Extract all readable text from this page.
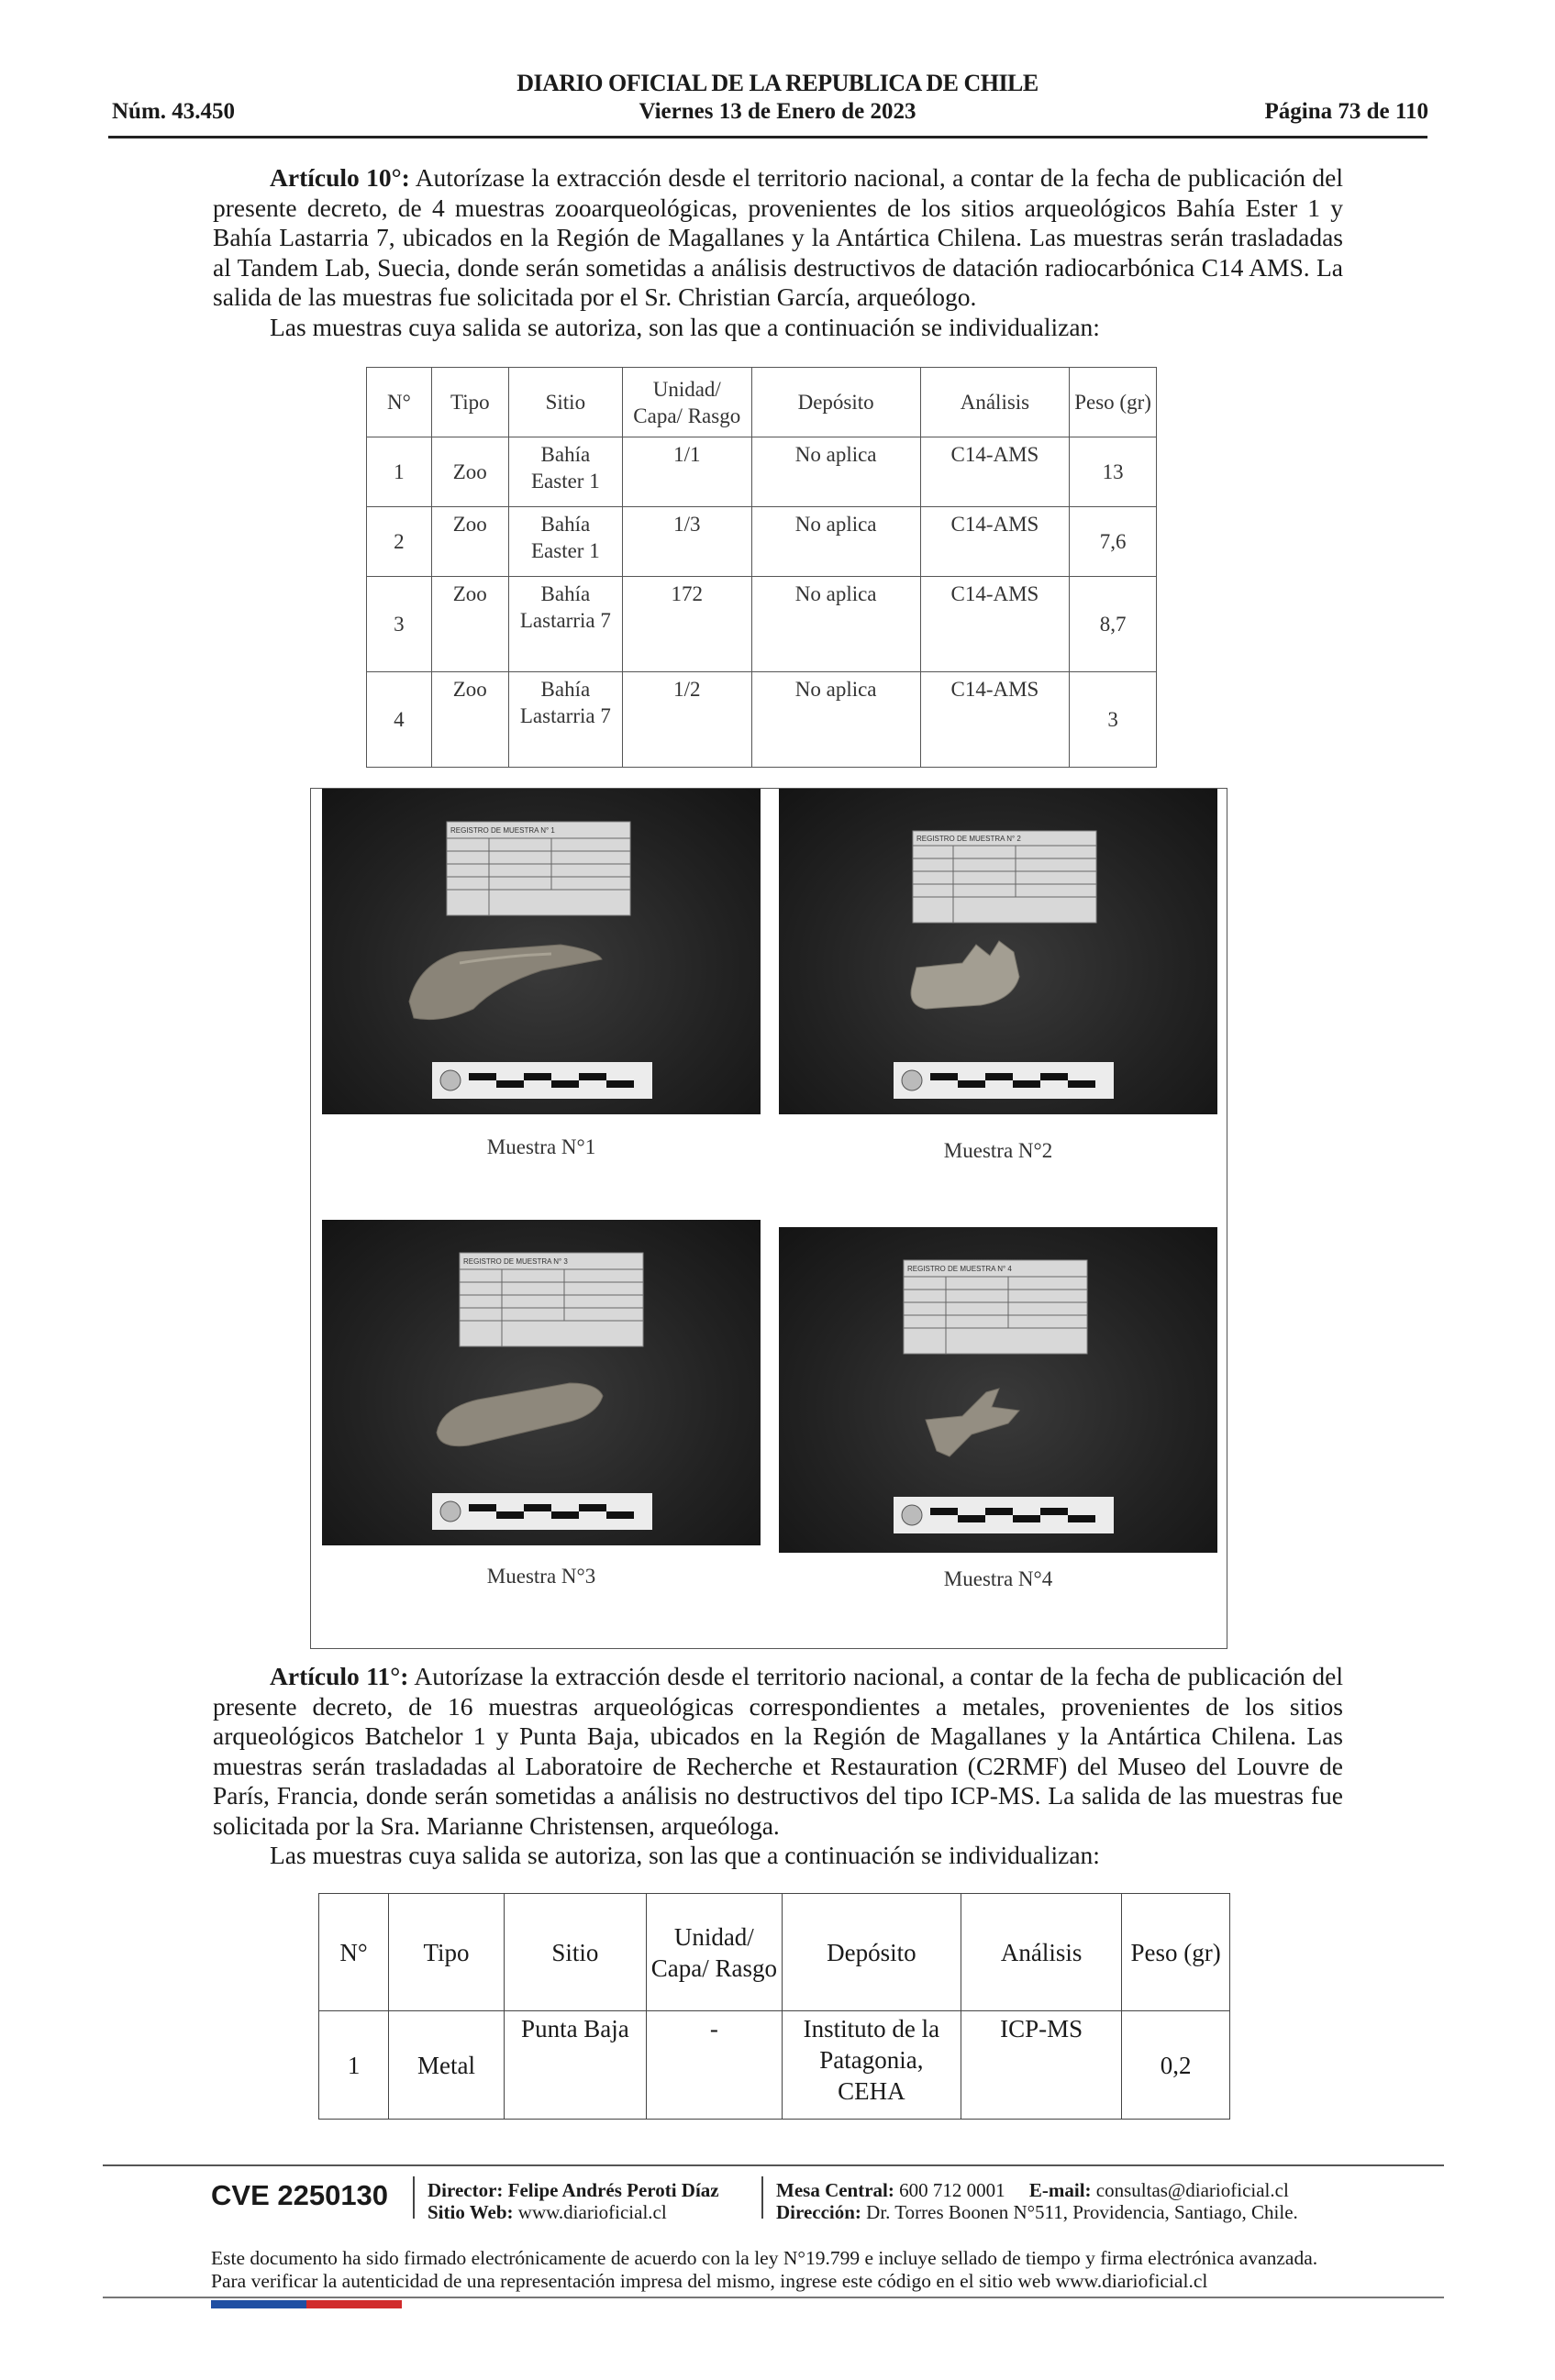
DIARIO OFICIAL DE LA REPUBLICA DE CHILE
Núm. 43.450	Viernes 13 de Enero de 2023	Página 73 de 110

Artículo 10°: Autorízase la extracción desde el territorio nacional, a contar de la fecha de publicación del presente decreto, de 4 muestras zooarqueológicas, provenientes de los sitios arqueológicos Bahía Ester 1 y Bahía Lastarria 7, ubicados en la Región de Magallanes y la Antártica Chilena. Las muestras serán trasladadas al Tandem Lab, Suecia, donde serán sometidas a análisis destructivos de datación radiocarbónica C14 AMS. La salida de las muestras fue solicitada por el Sr. Christian García, arqueólogo.

Las muestras cuya salida se autoriza, son las que a continuación se individualizan:

N°	Tipo	Sitio	Unidad/ Capa/ Rasgo	Depósito	Análisis	Peso (gr)
1	Zoo	Bahía Easter 1	1/1	No aplica	C14-AMS	13
2	Zoo	Bahía Easter 1	1/3	No aplica	C14-AMS	7,6
3	Zoo	Bahía Lastarria 7	172	No aplica	C14-AMS	8,7
4	Zoo	Bahía Lastarria 7	1/2	No aplica	C14-AMS	3
REGISTRO DE MUESTRA N° 1
Muestra N°1
REGISTRO DE MUESTRA N° 2
Muestra N°2
REGISTRO DE MUESTRA N° 3
Muestra N°3
REGISTRO DE MUESTRA N° 4
Muestra N°4

Artículo 11°: Autorízase la extracción desde el territorio nacional, a contar de la fecha de publicación del presente decreto, de 16 muestras arqueológicas correspondientes a metales, provenientes de los sitios arqueológicos Batchelor 1 y Punta Baja, ubicados en la Región de Magallanes y la Antártica Chilena. Las muestras serán trasladadas al Laboratoire de Recherche et Restauration (C2RMF) del Museo del Louvre de París, Francia, donde serán sometidas a análisis no destructivos del tipo ICP-MS. La salida de las muestras fue solicitada por la Sra. Marianne Christensen, arqueóloga.

Las muestras cuya salida se autoriza, son las que a continuación se individualizan:

N°	Tipo	Sitio	Unidad/ Capa/ Rasgo	Depósito	Análisis	Peso (gr)
1	Metal	Punta Baja	-	Instituto de la Patagonia, CEHA	ICP-MS	0,2
CVE 2250130 Director: Felipe Andrés Peroti Díaz
Sitio Web: www.diarioficial.cl
Mesa Central: 600 712 0001 E-mail: consultas@diarioficial.cl
Dirección: Dr. Torres Boonen N°511, Providencia, Santiago, Chile.
Este documento ha sido firmado electrónicamente de acuerdo con la ley N°19.799 e incluye sellado de tiempo y firma electrónica avanzada. Para verificar la autenticidad de una representación impresa del mismo, ingrese este código en el sitio web www.diarioficial.cl
